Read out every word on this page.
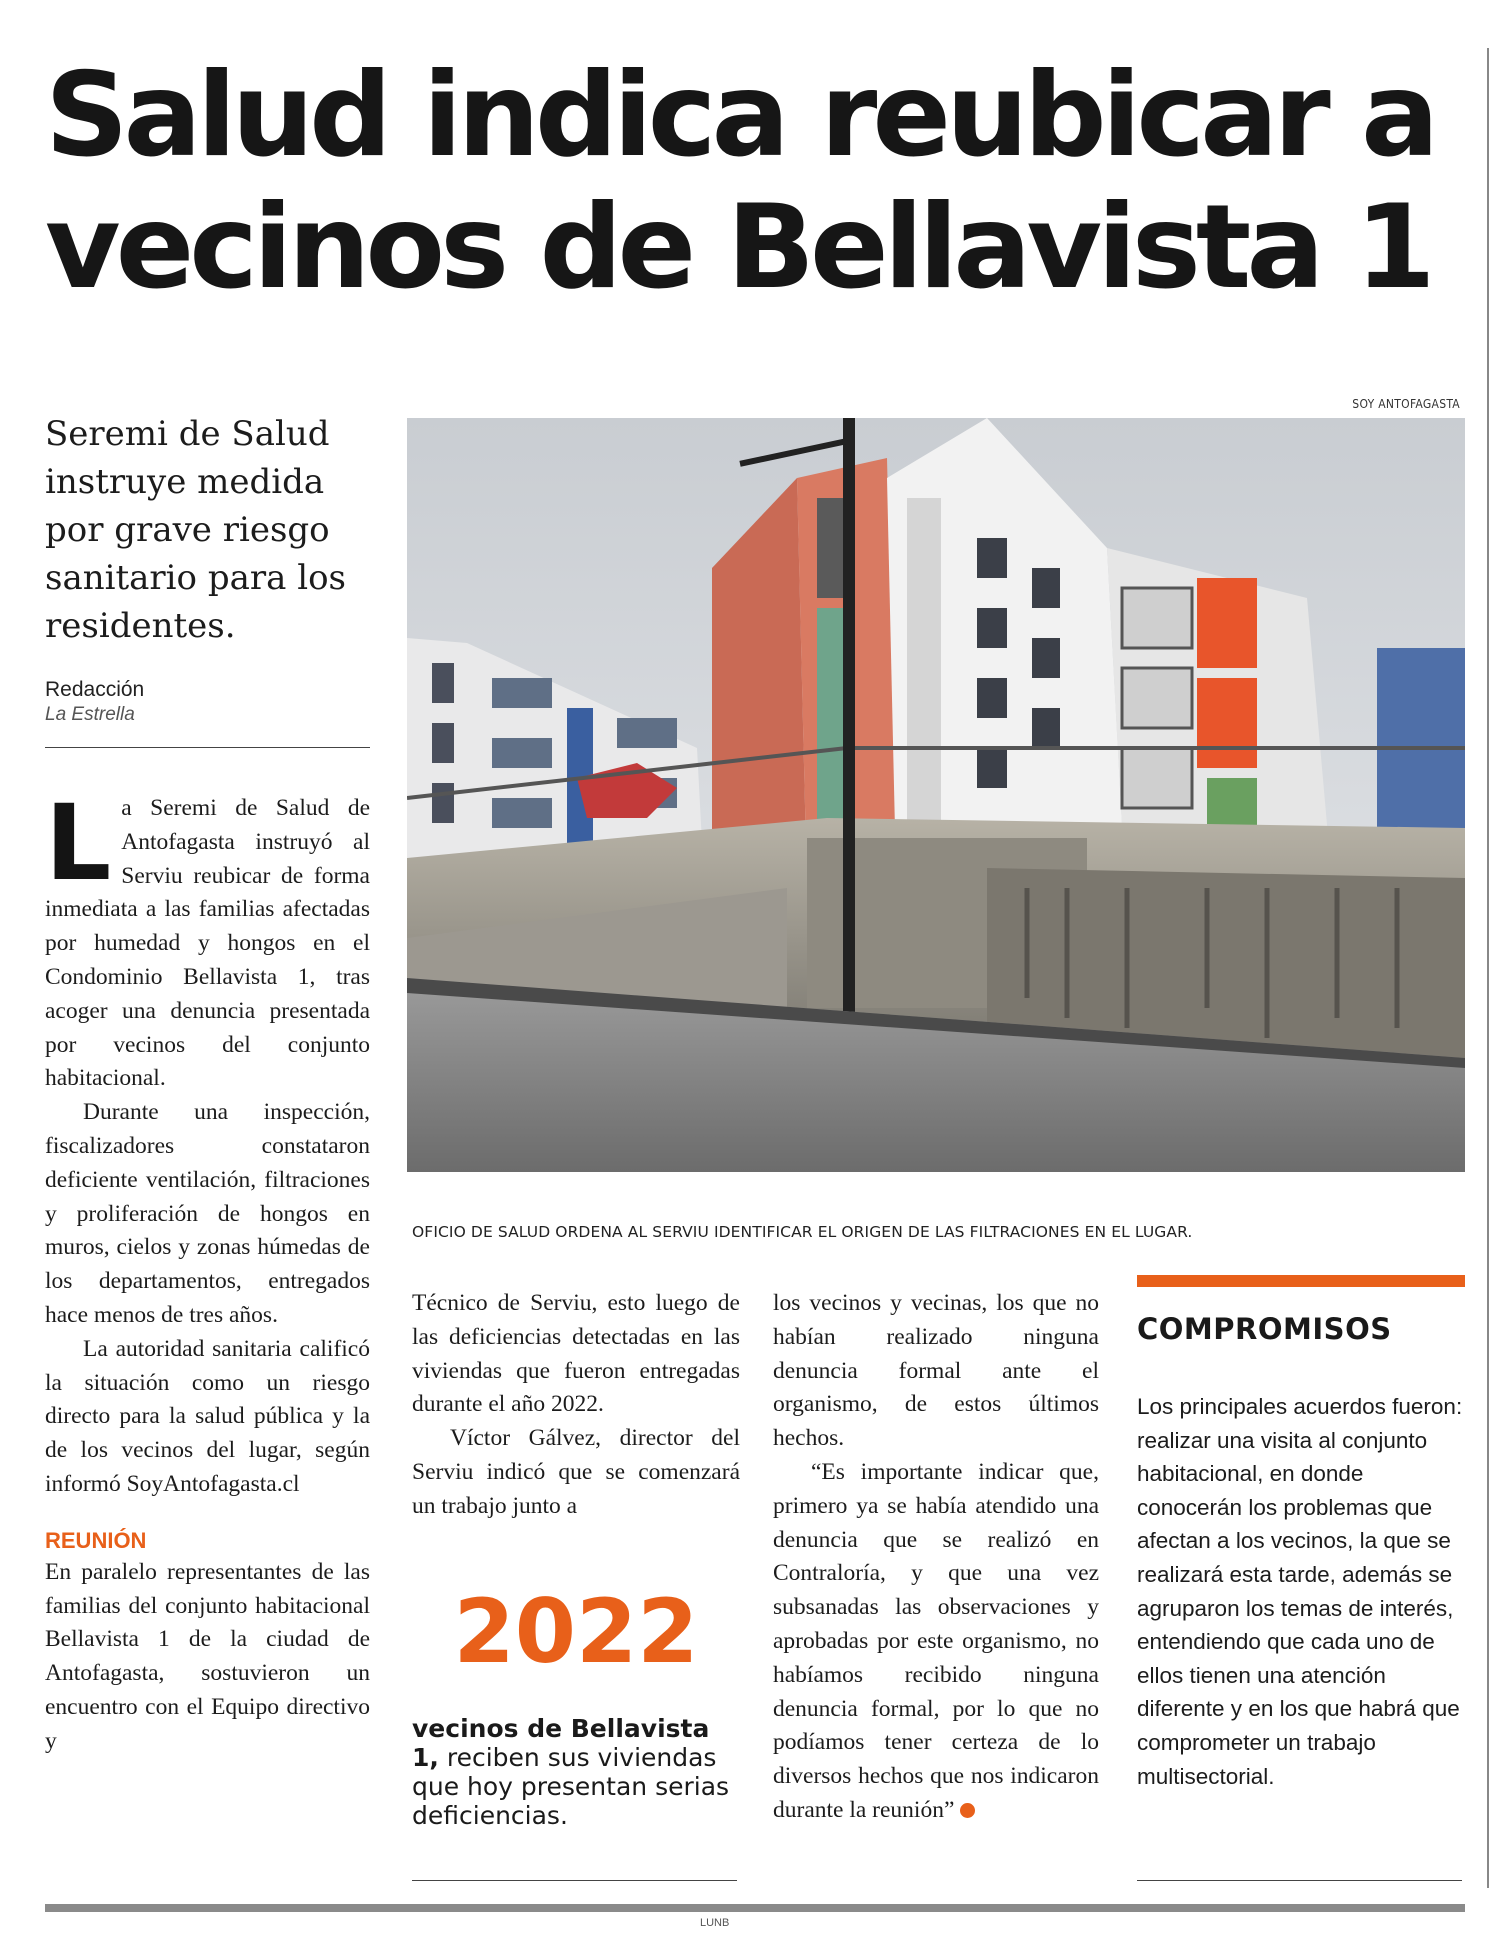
Salud indica reubicar a
vecinos de Bellavista 1
SOY ANTOFAGASTA
Seremi de Salud instruye medida por grave riesgo sanitario para los residentes.
Redacción
La Estrella
OFICIO DE SALUD ORDENA AL SERVIU IDENTIFICAR EL ORIGEN DE LAS FILTRACIONES EN EL LUGAR.

La Seremi de Salud de Antofagasta instruyó al Serviu reubicar de forma inmediata a las familias afectadas por humedad y hongos en el Condominio Bellavista 1, tras acoger una denuncia presentada por vecinos del conjunto habitacional.

Durante una inspección, fiscalizadores constataron deficiente ventilación, filtraciones y proliferación de hongos en muros, cielos y zonas húmedas de los departamentos, entregados hace menos de tres años.

La autoridad sanitaria calificó la situación como un riesgo directo para la salud pública y la de los vecinos del lugar, según informó SoyAntofagasta.cl

REUNIÓN

En paralelo representantes de las familias del conjunto habitacional Bellavista 1 de la ciudad de Antofagasta, sostuvieron un encuentro con el Equipo directivo y

Técnico de Serviu, esto luego de las deficiencias detectadas en las viviendas que fueron entregadas durante el año 2022.

Víctor Gálvez, director del Serviu indicó que se comenzará un trabajo junto a

2022
vecinos de Bellavista 1, reciben sus viviendas que hoy presentan serias deficiencias.

los vecinos y vecinas, los que no habían realizado ninguna denuncia formal ante el organismo, de estos últimos hechos.

“Es importante indicar que, primero ya se había atendido una denuncia que se realizó en Contraloría, y que una vez subsanadas las observaciones y aprobadas por este organismo, no habíamos recibido ninguna denuncia formal, por lo que no podíamos tener certeza de lo diversos hechos que nos indicaron durante la reunión”

COMPROMISOS
Los principales acuerdos fueron: realizar una visita al conjunto habitacional, en donde conocerán los problemas que afectan a los vecinos, la que se realizará esta tarde, además se agruparon los temas de interés, entendiendo que cada uno de ellos tienen una atención diferente y en los que habrá que comprometer un trabajo multisectorial.
LUNB
